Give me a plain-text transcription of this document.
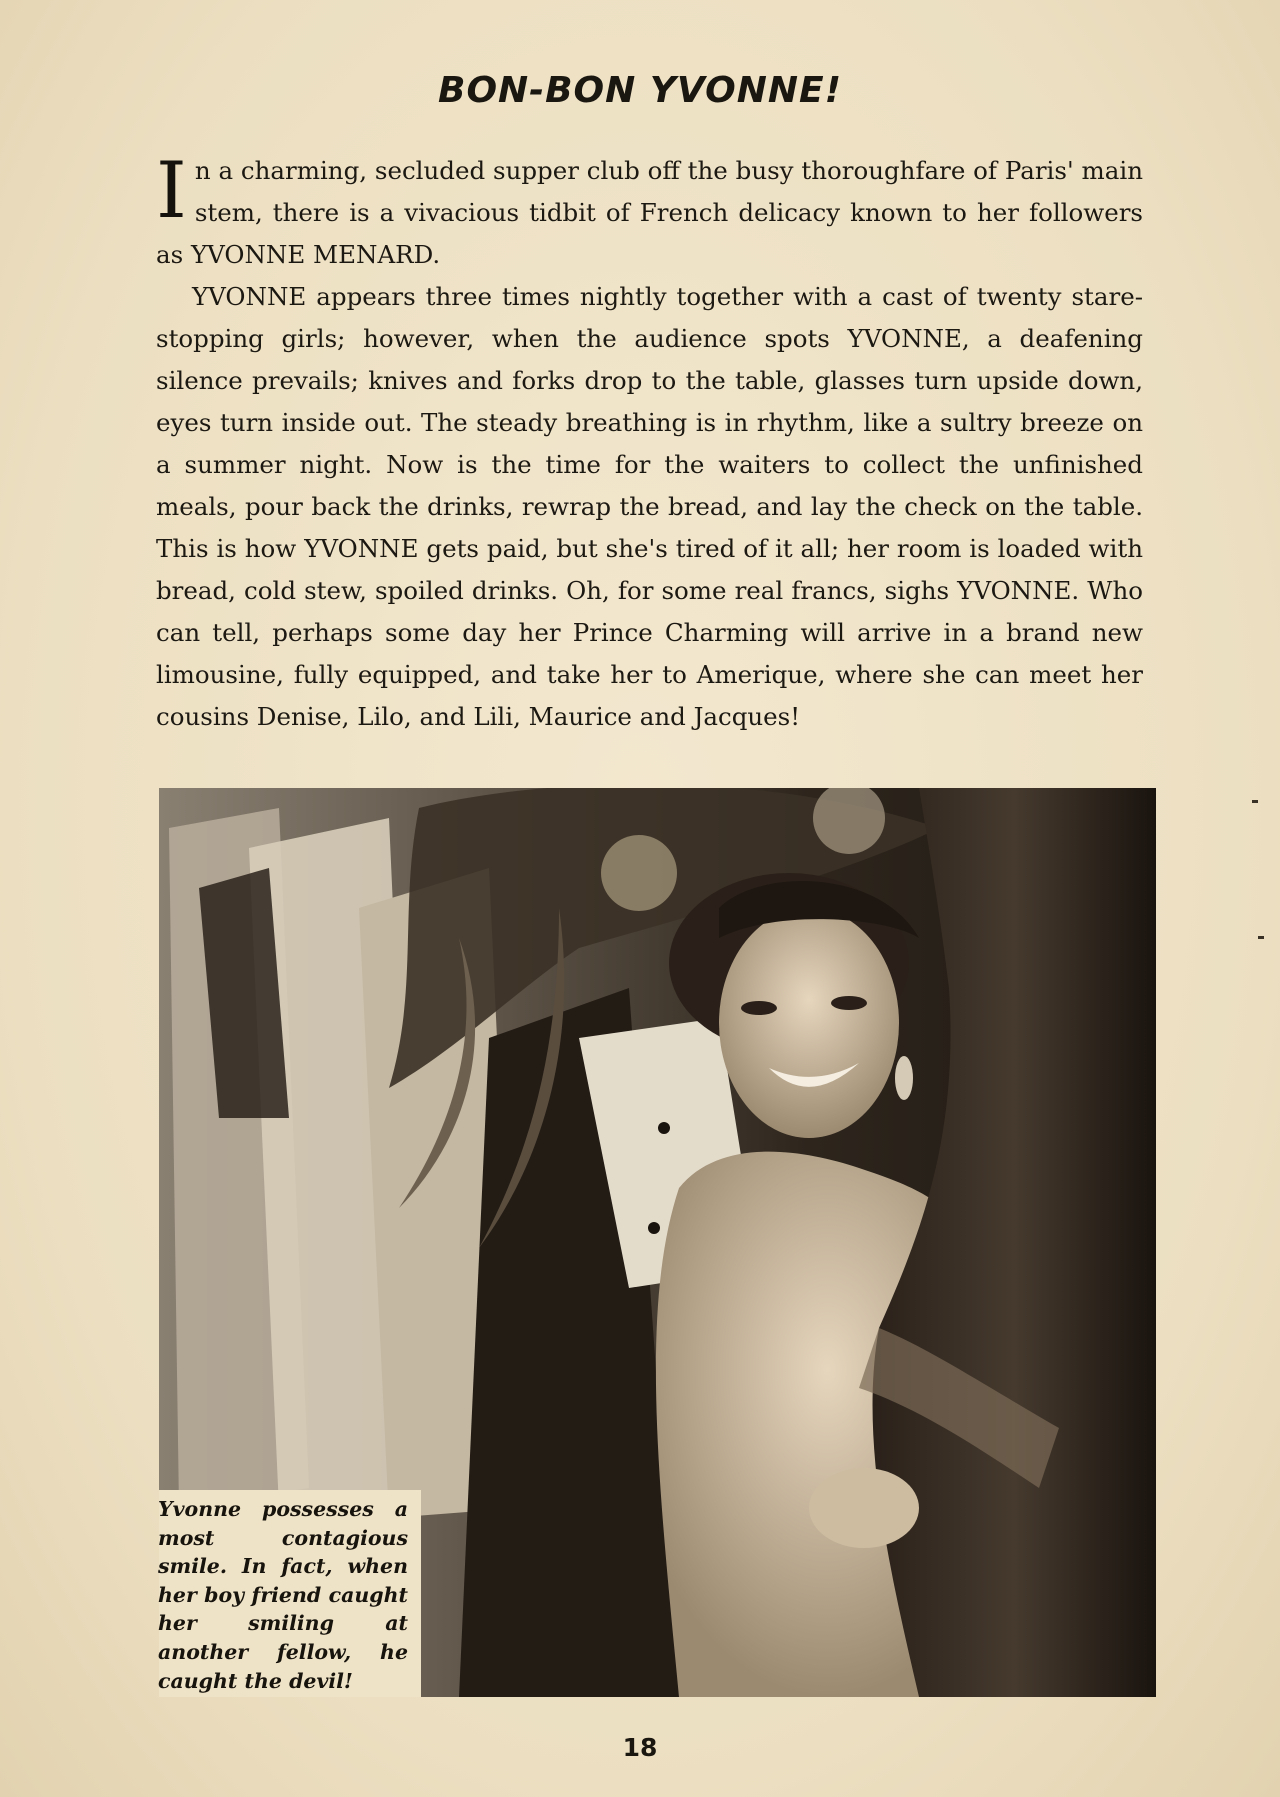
BON-BON YVONNE!

In a charming, secluded supper club off the busy thoroughfare of Paris' main stem, there is a vivacious tidbit of French delicacy known to her followers as YVONNE MENARD.

YVONNE appears three times nightly together with a cast of twenty stare-stopping girls; however, when the audience spots YVONNE, a deafening silence prevails; knives and forks drop to the table, glasses turn upside down, eyes turn inside out. The steady breathing is in rhythm, like a sultry breeze on a summer night. Now is the time for the waiters to collect the unfinished meals, pour back the drinks, rewrap the bread, and lay the check on the table. This is how YVONNE gets paid, but she's tired of it all; her room is loaded with bread, cold stew, spoiled drinks. Oh, for some real francs, sighs YVONNE. Who can tell, perhaps some day her Prince Charming will arrive in a brand new limousine, fully equipped, and take her to Amerique, where she can meet her cousins Denise, Lilo, and Lili, Maurice and Jacques!

Yvonne possesses a most contagious smile. In fact, when her boy friend caught her smiling at another fellow, he caught the devil!
18
